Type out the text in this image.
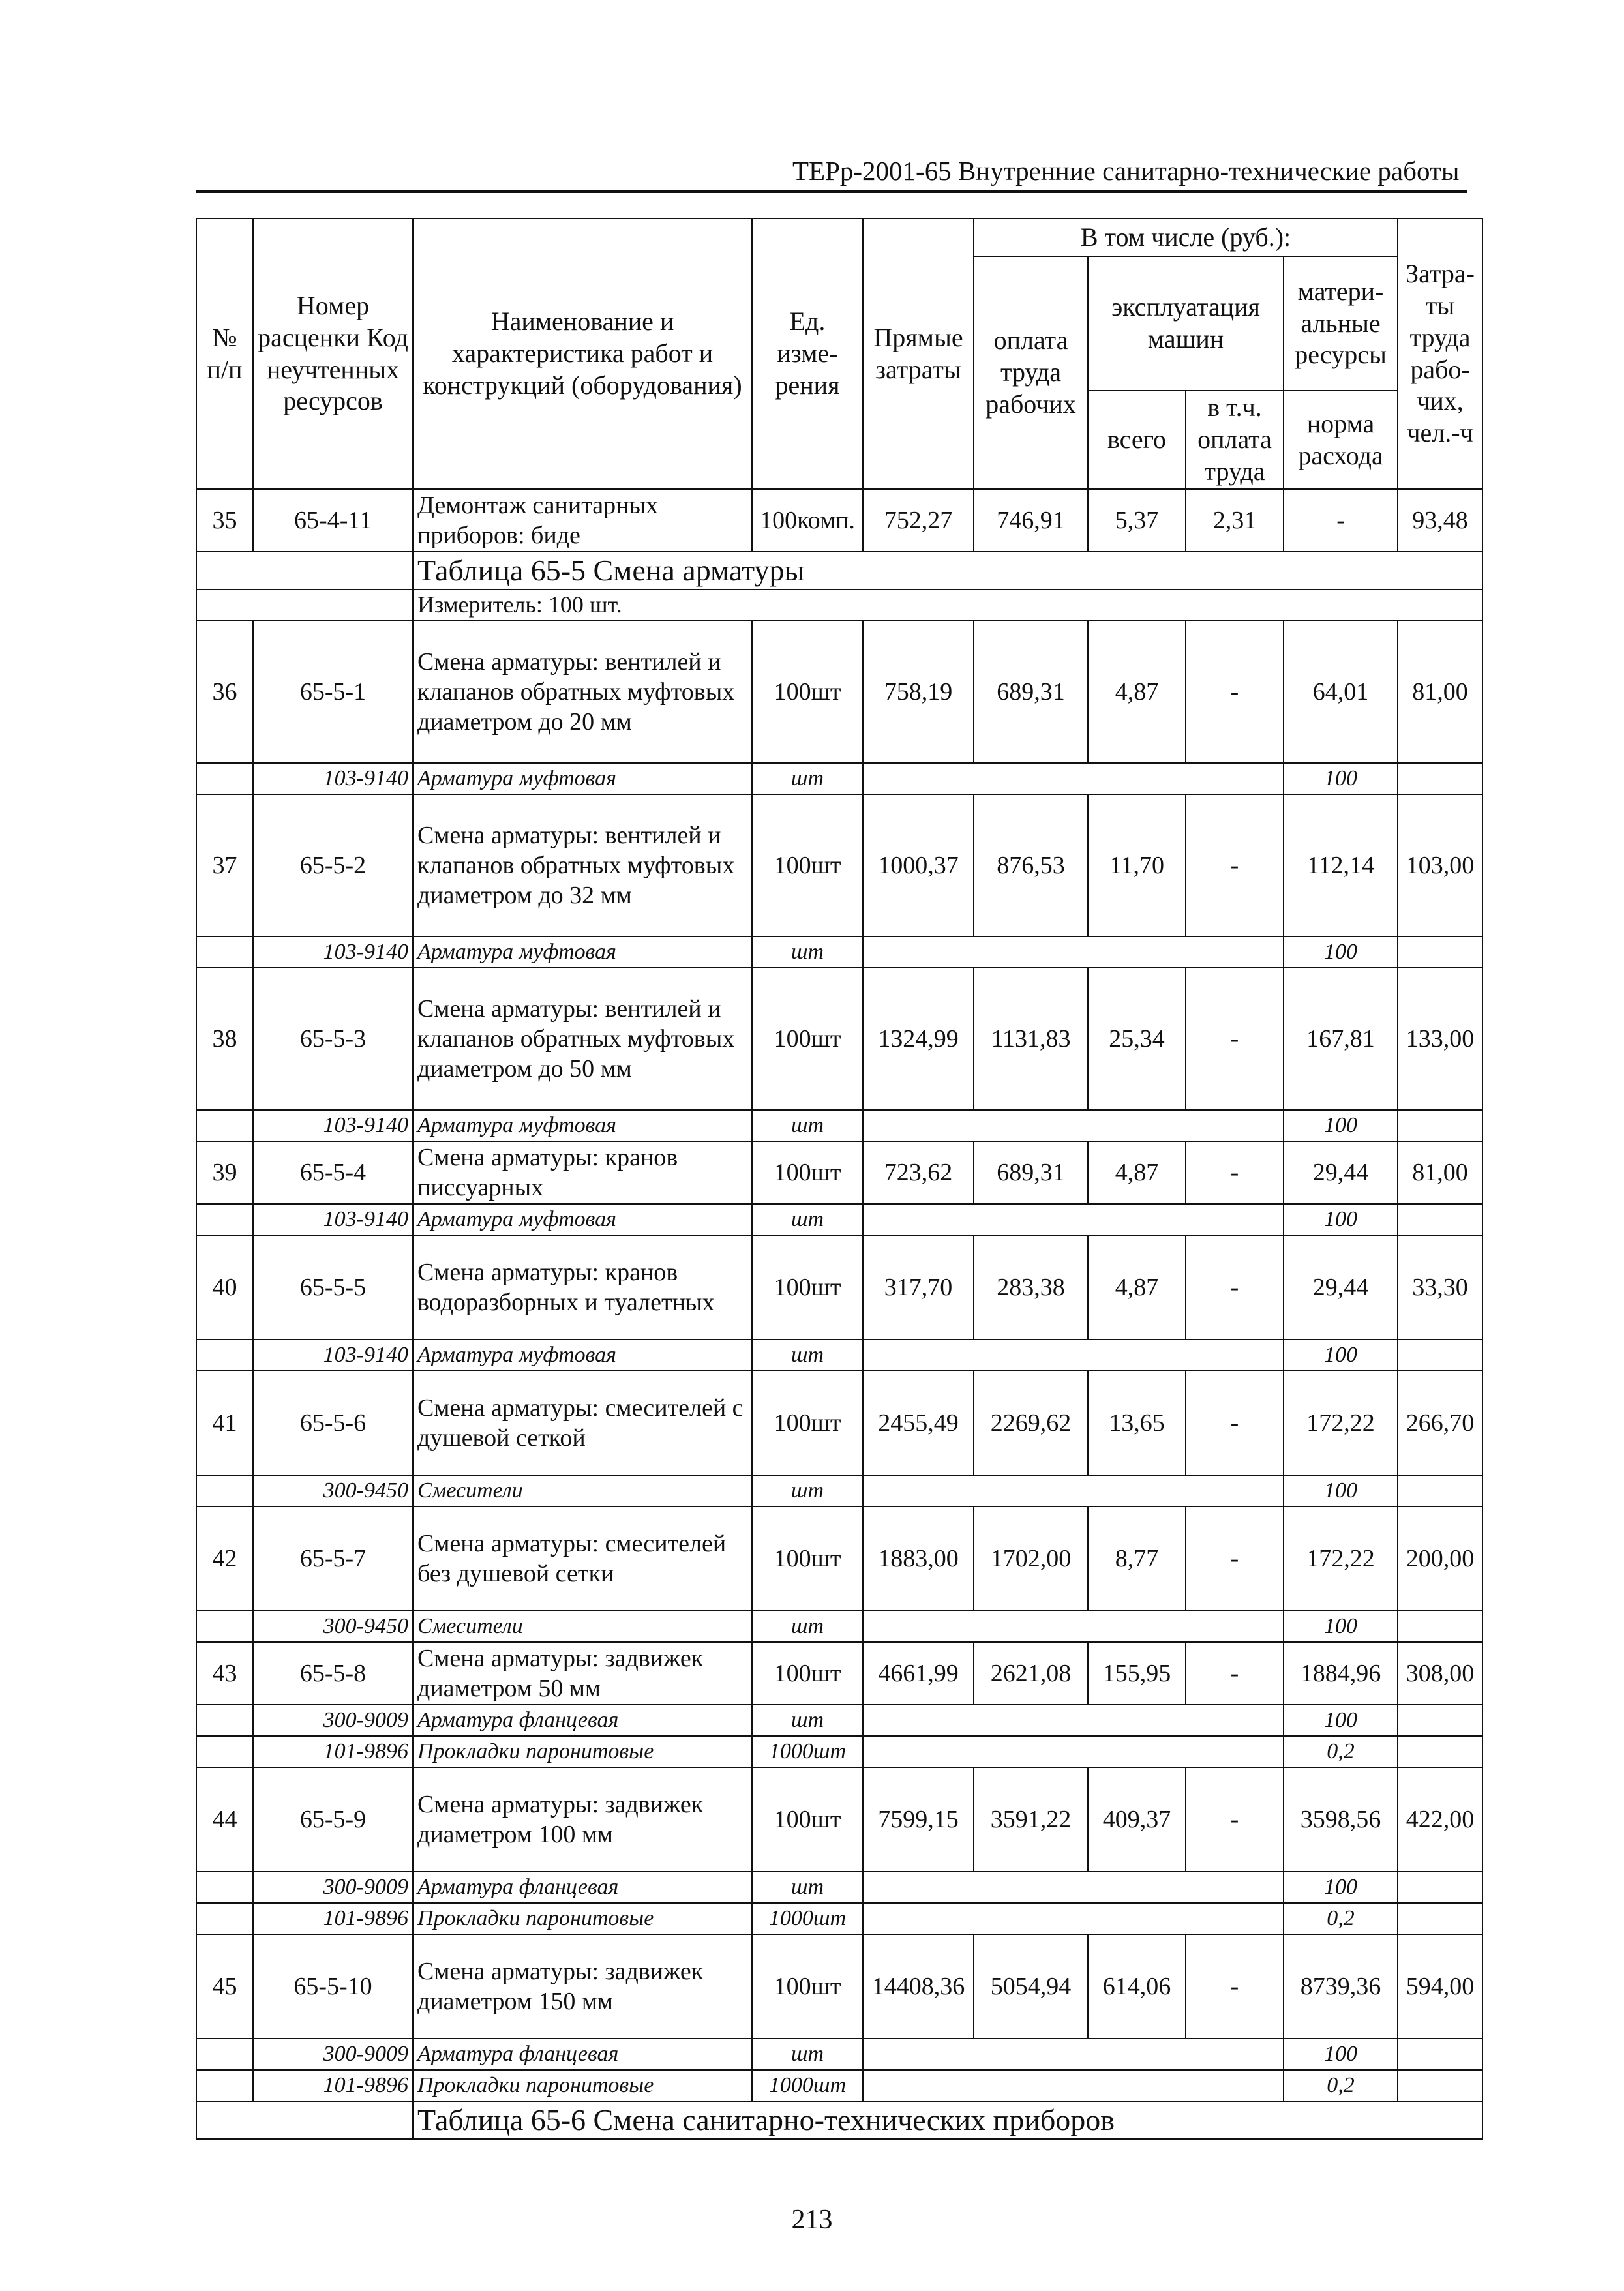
ТЕРр-2001-65 Внутренние санитарно-технические работы
№ п/п	Номер расценки Код неучтенных ресурсов	Наименование и характеристика работ и конструкций (оборудования)	Ед. изме-рения	Прямые затраты	В том числе (руб.):				Затра-ты труда рабо-чих, чел.-ч
					оплата труда рабочих	эксплуатация машин		матери-альные ресурсы	
						всего	в т.ч. оплата труда	норма расхода	

35	65-4-11	Демонтаж санитарных приборов: биде	100комп.	752,27	746,91	5,37	2,31	-	93,48
		Таблица 65-5 Смена арматуры							
		Измеритель: 100 шт.							
36	65-5-1	Смена арматуры: вентилей и клапанов обратных муфтовых диаметром до 20 мм	100шт	758,19	689,31	4,87	-	64,01	81,00
	103-9140	Арматура муфтовая	шт					100	
37	65-5-2	Смена арматуры: вентилей и клапанов обратных муфтовых диаметром до 32 мм	100шт	1000,37	876,53	11,70	-	112,14	103,00
	103-9140	Арматура муфтовая	шт					100	
38	65-5-3	Смена арматуры: вентилей и клапанов обратных муфтовых диаметром до 50 мм	100шт	1324,99	1131,83	25,34	-	167,81	133,00
	103-9140	Арматура муфтовая	шт					100	
39	65-5-4	Смена арматуры: кранов писсуарных	100шт	723,62	689,31	4,87	-	29,44	81,00
	103-9140	Арматура муфтовая	шт					100	
40	65-5-5	Смена арматуры: кранов водоразборных и туалетных	100шт	317,70	283,38	4,87	-	29,44	33,30
	103-9140	Арматура муфтовая	шт					100	
41	65-5-6	Смена арматуры: смесителей с душевой сеткой	100шт	2455,49	2269,62	13,65	-	172,22	266,70
	300-9450	Смесители	шт					100	
42	65-5-7	Смена арматуры: смесителей без душевой сетки	100шт	1883,00	1702,00	8,77	-	172,22	200,00
	300-9450	Смесители	шт					100	
43	65-5-8	Смена арматуры: задвижек диаметром 50 мм	100шт	4661,99	2621,08	155,95	-	1884,96	308,00
	300-9009	Арматура фланцевая	шт					100	
	101-9896	Прокладки паронитовые	1000шт					0,2	
44	65-5-9	Смена арматуры: задвижек диаметром 100 мм	100шт	7599,15	3591,22	409,37	-	3598,56	422,00
	300-9009	Арматура фланцевая	шт					100	
	101-9896	Прокладки паронитовые	1000шт					0,2	
45	65-5-10	Смена арматуры: задвижек диаметром 150 мм	100шт	14408,36	5054,94	614,06	-	8739,36	594,00
	300-9009	Арматура фланцевая	шт					100	
	101-9896	Прокладки паронитовые	1000шт					0,2	
		Таблица 65-6 Смена санитарно-технических приборов							
213
